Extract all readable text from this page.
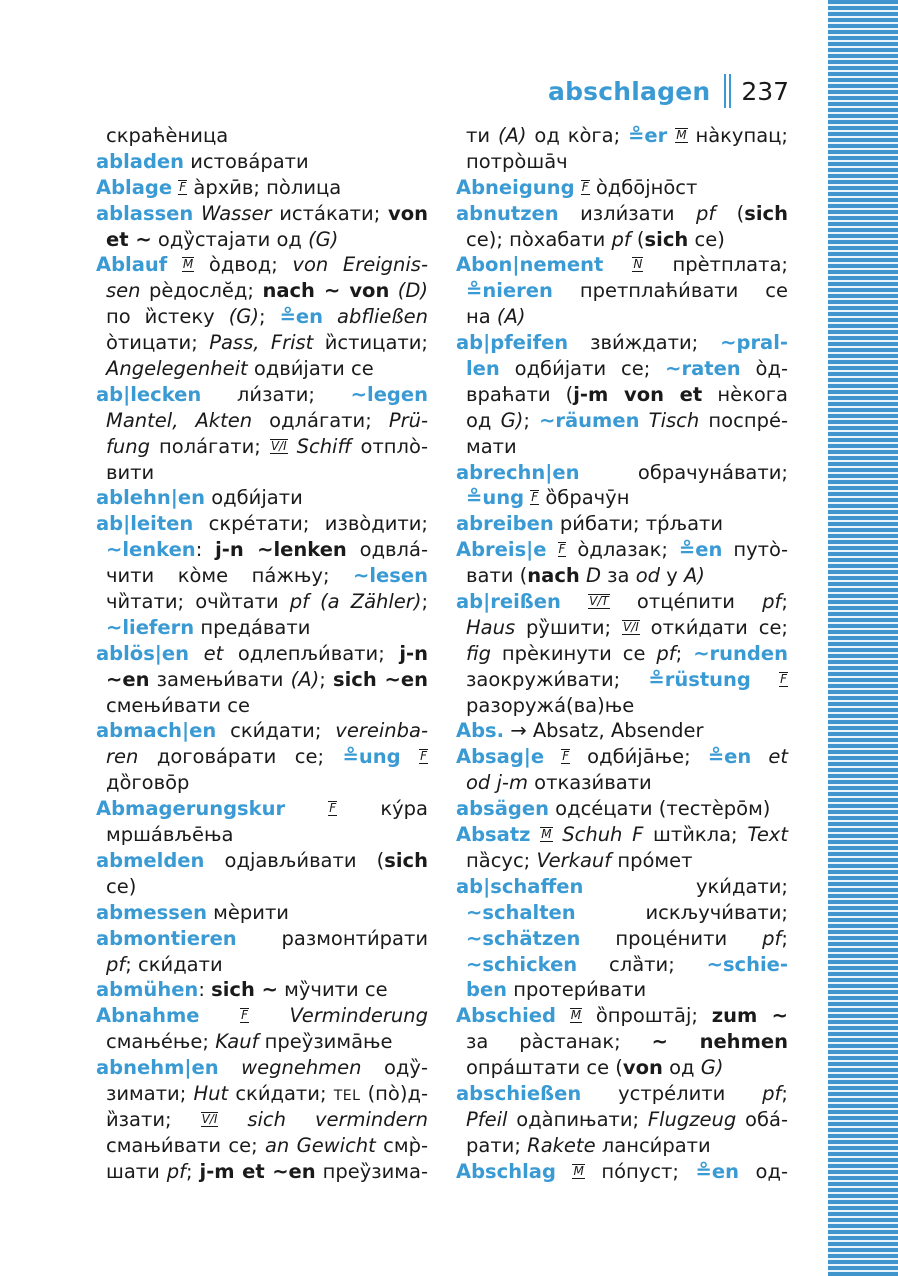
abschlagen 237
скраћѐница
abladen истова́рати
Ablage F а̀рхӣв; по̀лица
ablassen Wasser иста́кати; von
et ~ оду̏стајати од (G)
Ablauf M о̀двод; von Ereignis-
sen рѐдослӗд; nach ~ von (D)
по и̏стеку (G); ≗en abfließen
о̀тицати; Pass, Frist и̏стицати;
Angelegenheit одви́јати се
ab|lecken ли́зати; ~legen
Mantel, Akten одла́гати; Prü-
fung пола́гати; V/I Schiff отпло̀-
вити
ablehn|en одби́јати
ab|leiten скре́тати; изво̀дити;
~lenken: j-n ~lenken одвла́-
чити ко̀ме па́жњу; ~lesen
чи̏тати; очи̏тати pf (a Zähler);
~liefern преда́вати
ablös|en et одлепљи́вати; j-n
~en замењи́вати (A); sich ~en
смењи́вати се
abmach|en ски́дати; vereinba-
ren догова́рати се; ≗ung F
до̏говōр
Abmagerungskur	F ку́ра
мрша́вљēња
abmelden одјављи́вати (sich
се)
abmessen мѐрити
abmontieren размонти́рати
pf; ски́дати
abmühen: sich ~ му̏чити се
Abnahme	F Verminderung
смање́ње; Kauf преу̏зимāње
abnehm|en wegnehmen оду̏-
зимати; Hut ски́дати; TEL (по̀)д-
и̏зати; V/I sich vermindern
смањи́вати се; an Gewicht смр̀-
шати pf; j-m et ~en преу̏зима-
ти (A) од ко̀га; ≗er M на̀купац;
потро̀шāч
Abneigung F о̀дбōјнōст
abnutzen изли́зати pf (sich
се); по̀хабати pf (sich се)
Abon|nement	N прѐтплата;
≗nieren претплаћи́вати се
на (A)
ab|pfeifen зви́ждати; ~pral-
len одби́јати се; ~raten о̀д-
враћати (j-m von et нѐкога
од G); ~räumen Tisch поспре́-
мати
abrechn|en обрачуна́вати;
≗ung F о̏брачӯн
abreiben ри́бати; тр́љати
Abreis|e F о̀длазак; ≗en путо̀-
вати (nach D за od у A)
ab|reißen V/T отце́пити pf;
Haus ру̏шити; V/I отки́дати се;
fig прѐкинути се pf; ~runden
заокружи́вати; ≗rüstung F
разоружа́(ва)ње
Abs. → Absatz, Absender
Absag|e F одби́јāње; ≗en et
od j-m откази́вати
absägen одсе́цати (тестѐрōм)
Absatz M Schuh F шти̏кла; Text
па̏сус; Verkauf про́мет
ab|schaffen уки́дати;
~schalten искључи́вати;
~schätzen проце́нити pf;
~schicken сла̏ти; ~schie-
ben протери́вати
Abschied M о̏проштāј; zum ~
за ра̀станак; ~ nehmen
опра́штати се (von од G)
abschießen устре́лити pf;
Pfeil ода̀пињати; Flugzeug оба́-
рати; Rakete ланси́рати
Abschlag M по́пуст; ≗en од-
